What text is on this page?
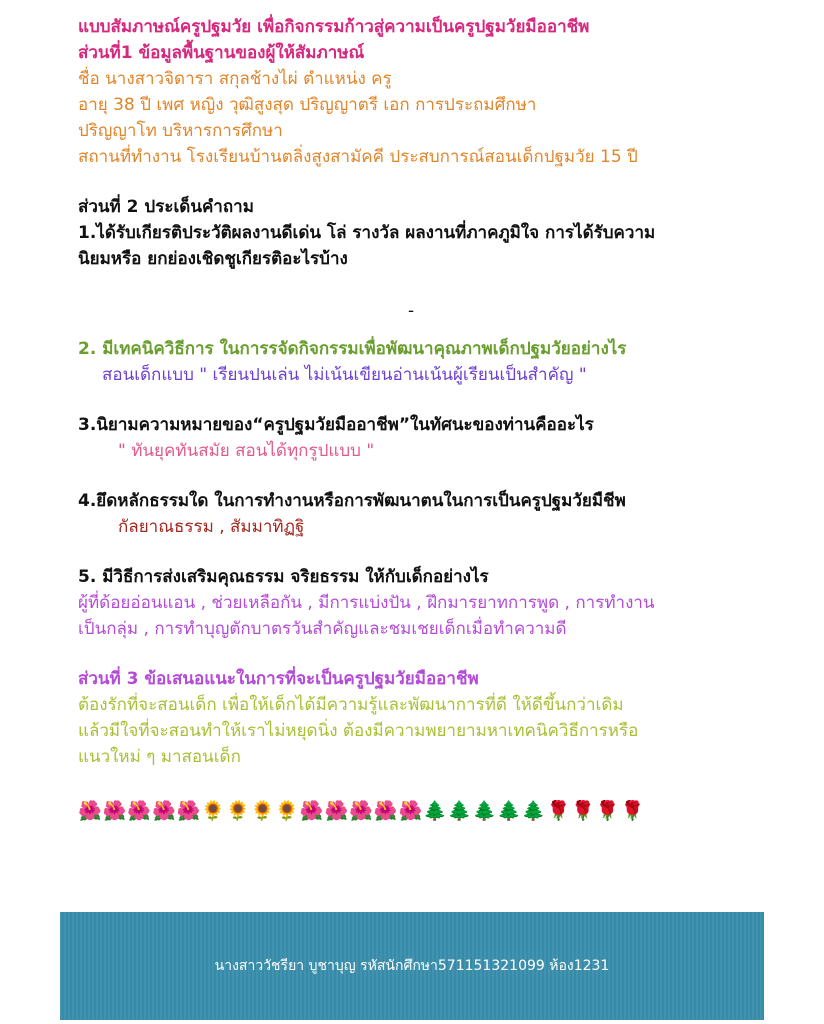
แบบสัมภาษณ์ครูปฐมวัย เพื่อกิจกรรมก้าวสู่ความเป็นครูปฐมวัยมืออาชีพ
ส่วนที่1 ข้อมูลพื้นฐานของผู้ให้สัมภาษณ์
ชื่อ นางสาวจิดารา สกุลช้างไผ่ ตำแหน่ง ครู
อายุ 38 ปี เพศ หญิง วุฒิสูงสุด ปริญญาตรี เอก การประถมศึกษา
ปริญญาโท บริหารการศึกษา
สถานที่ทำงาน โรงเรียนบ้านตลิ่งสูงสามัคคี ประสบการณ์สอนเด็กปฐมวัย 15 ปี
ส่วนที่ 2 ประเด็นคำถาม
1.ได้รับเกียรติประวัติผลงานดีเด่น โล่ รางวัล ผลงานที่ภาคภูมิใจ การได้รับความ
นิยมหรือ ยกย่องเชิดชูเกียรติอะไรบ้าง
-
2. มีเทคนิควิธีการ ในการรจัดกิจกรรมเพื่อพัฒนาคุณภาพเด็กปฐมวัยอย่างไร
สอนเด็กแบบ " เรียนปนเล่น ไม่เน้นเขียนอ่านเน้นผู้เรียนเป็นสำคัญ "
3.นิยามความหมายของ“ครูปฐมวัยมืออาชีพ”ในทัศนะของท่านคืออะไร
" ทันยุคทันสมัย สอนได้ทุกรูปแบบ "
4.ยึดหลักธรรมใด ในการทำงานหรือการพัฒนาตนในการเป็นครูปฐมวัยมืชีพ
กัลยาณธรรม , สัมมาทิฏฐิ
5. มีวิธีการส่งเสริมคุณธรรม จริยธรรม ให้กับเด็กอย่างไร
ผู้ที่ด้อยอ่อนแอน , ช่วยเหลือกัน , มีการแบ่งปัน , ฝึกมารยาทการพูด , การทำงาน
เป็นกลุ่ม , การทำบุญตักบาตรวันสำคัญและชมเชยเด็กเมื่อทำความดี
ส่วนที่ 3 ข้อเสนอแนะในการที่จะเป็นครูปฐมวัยมืออาชีพ
ต้องรักที่จะสอนเด็ก เพื่อให้เด็กได้มีความรู้และพัฒนาการที่ดี ให้ดีขึ้นกว่าเดิม
แล้วมีใจที่จะสอนทำให้เราไม่หยุดนิ่ง ต้องมีความพยายามหาเทคนิควิธีการหรือ
แนวใหม่ ๆ มาสอนเด็ก
🌺🌺🌺🌺🌺🌻🌻🌻🌻🌺🌺🌺🌺🌺🌲🌲🌲🌲🌲🌹🌹🌹🌹
นางสาววัชรียา บูชาบุญ รหัสนักศึกษา571151321099 ห้อง1231
